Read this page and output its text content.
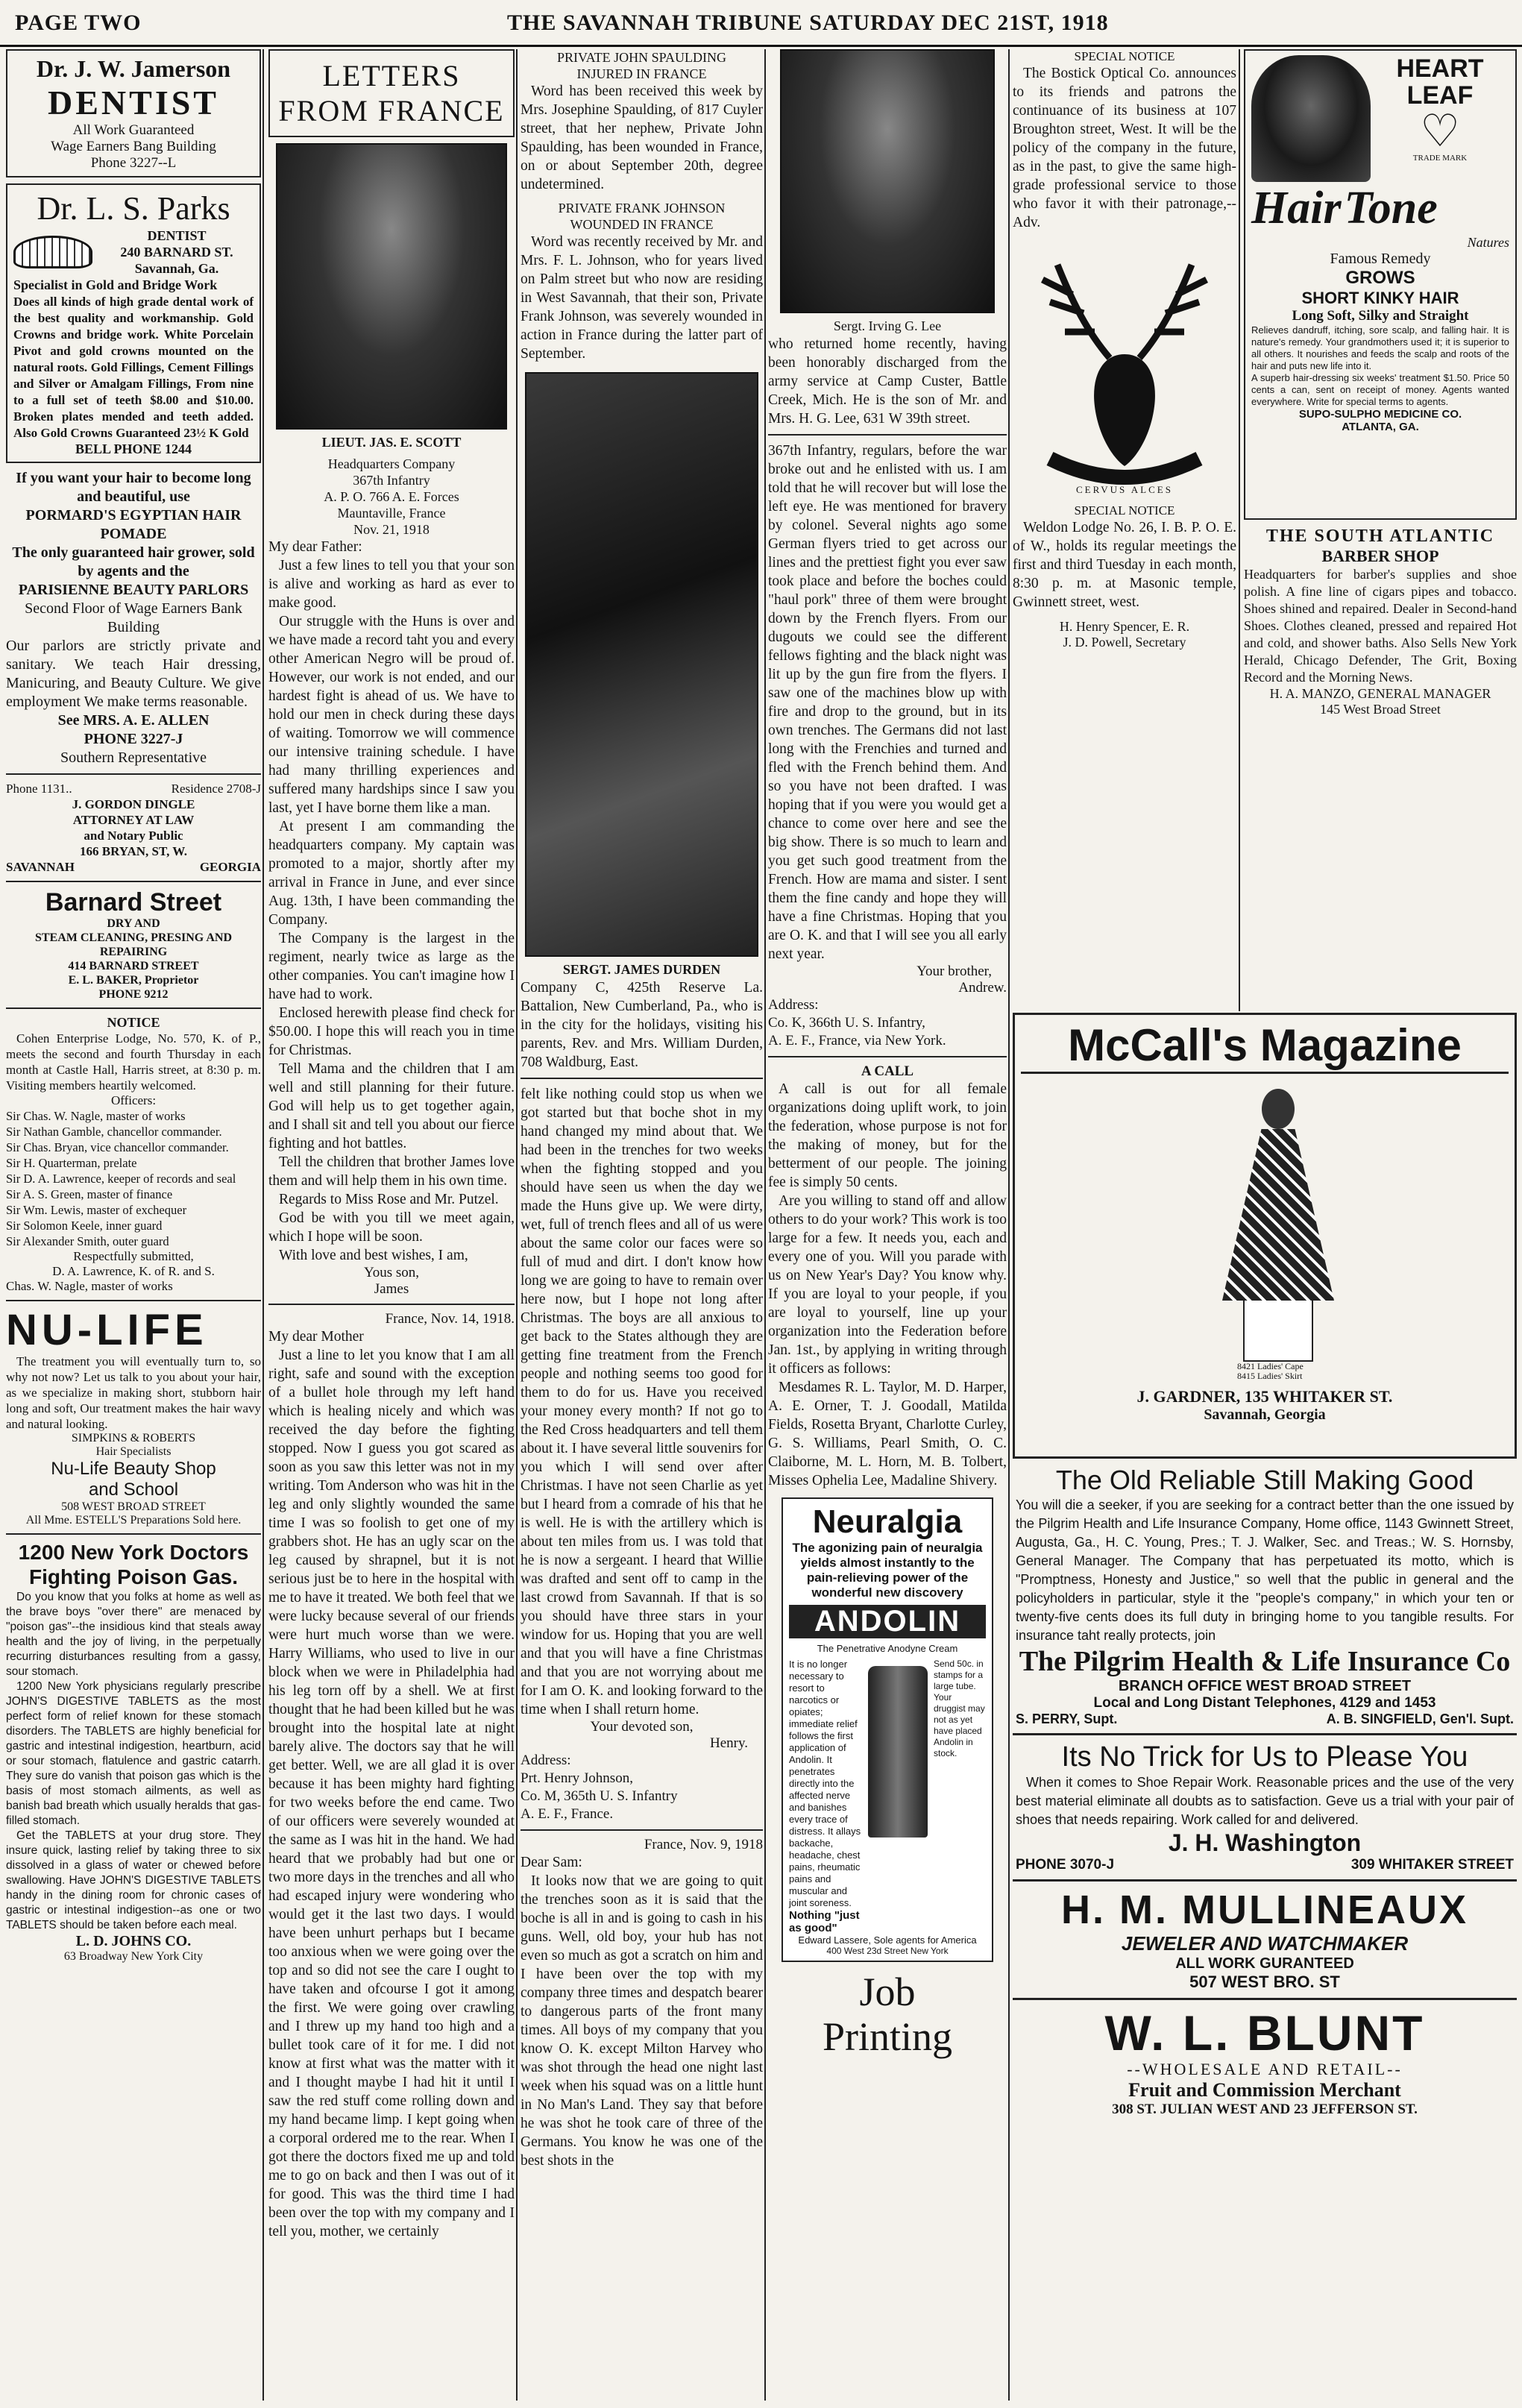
PAGE TWO	THE SAVANNAH TRIBUNE SATURDAY DEC 21ST, 1918
Dr. J. W. Jamerson
DENTIST
All Work Guaranteed
Wage Earners Bang Building
Phone 3227--L
Dr. L. S. Parks
DENTIST
240 BARNARD ST.
Savannah, Ga.

Specialist in Gold and Bridge Work

Does all kinds of high grade dental work of the best quality and workmanship. Gold Crowns and bridge work. White Porcelain Pivot and gold crowns mounted on the natural roots. Gold Fillings, Cement Fillings and Silver or Amalgam Fillings, From nine to a full set of teeth $8.00 and $10.00. Broken plates mended and teeth added. Also Gold Crowns Guaranteed 23½ K Gold

BELL PHONE 1244
If you want your hair to become long and beautiful, use
PORMARD'S EGYPTIAN HAIR POMADE
The only guaranteed hair grower, sold by agents and the
PARISIENNE BEAUTY PARLORS
Second Floor of Wage Earners Bank Building

Our parlors are strictly private and sanitary. We teach Hair dressing, Manicuring, and Beauty Culture. We give employment We make terms reasonable.

See MRS. A. E. ALLEN
PHONE 3227-J
Southern Representative
Phone 1131..	Residence 2708-J
J. GORDON DINGLE
ATTORNEY AT LAW
and Notary Public
166 BRYAN, ST, W.
SAVANNAH	GEORGIA
Barnard Street
DRY AND
STEAM CLEANING, PRESING AND REPAIRING
414 BARNARD STREET
E. L. BAKER, Proprietor
PHONE 9212
NOTICE

Cohen Enterprise Lodge, No. 570, K. of P., meets the second and fourth Thursday in each month at Castle Hall, Harris street, at 8:30 p. m. Visiting members heartily welcomed.

Officers:
Sir Chas. W. Nagle, master of works
Sir Nathan Gamble, chancellor commander.
Sir Chas. Bryan, vice chancellor commander.
Sir H. Quarterman, prelate
Sir D. A. Lawrence, keeper of records and seal
Sir A. S. Green, master of finance
Sir Wm. Lewis, master of exchequer
Sir Solomon Keele, inner guard
Sir Alexander Smith, outer guard
Respectfully submitted,
D. A. Lawrence, K. of R. and S.
Chas. W. Nagle, master of works
NU-LIFE

The treatment you will eventually turn to, so why not now? Let us talk to you about your hair, as we specialize in making short, stubborn hair long and soft, Our treatment makes the hair wavy and natural looking.

SIMPKINS & ROBERTS
Hair Specialists
Nu-Life Beauty Shop
and School
508 WEST BROAD STREET
All Mme. ESTELL'S Preparations Sold here.
1200 New York Doctors
Fighting Poison Gas.

Do you know that you folks at home as well as the brave boys "over there" are menaced by "poison gas"--the insidious kind that steals away health and the joy of living, in the perpetually recurring disturbances resulting from a gassy, sour stomach.

1200 New York physicians regularly prescribe JOHN'S DIGESTIVE TABLETS as the most perfect form of relief known for these stomach disorders. The TABLETS are highly beneficial for gastric and intestinal indigestion, heartburn, acid or sour stomach, flatulence and gastric catarrh. They sure do vanish that poison gas which is the basis of most stomach ailments, as well as banish bad breath which usually heralds that gas-filled stomach.

Get the TABLETS at your drug store. They insure quick, lasting relief by taking three to six dissolved in a glass of water or chewed before swallowing. Have JOHN'S DIGESTIVE TABLETS handy in the dining room for chronic cases of gastric or intestinal indigestion--as one or two TABLETS should be taken before each meal.

L. D. JOHNS CO.
63 Broadway New York City
LETTERS FROM FRANCE
LIEUT. JAS. E. SCOTT
Headquarters Company
367th Infantry
A. P. O. 766 A. E. Forces
Mauntaville, France
Nov. 21, 1918

My dear Father:

Just a few lines to tell you that your son is alive and working as hard as ever to make good.

Our struggle with the Huns is over and we have made a record taht you and every other American Negro will be proud of. However, our work is not ended, and our hardest fight is ahead of us. We have to hold our men in check during these days of waiting. Tomorrow we will commence our intensive training schedule. I have had many thrilling experiences and suffered many hardships since I saw you last, yet I have borne them like a man.

At present I am commanding the headquarters company. My captain was promoted to a major, shortly after my arrival in France in June, and ever since Aug. 13th, I have been commanding the Company.

The Company is the largest in the regiment, nearly twice as large as the other companies. You can't imagine how I have had to work.

Enclosed herewith please find check for $50.00. I hope this will reach you in time for Christmas.

Tell Mama and the children that I am well and still planning for their future. God will help us to get together again, and I shall sit and tell you about our fierce fighting and hot battles.

Tell the children that brother James love them and will help them in his own time.

Regards to Miss Rose and Mr. Putzel.

God be with you till we meet again, which I hope will be soon.

With love and best wishes, I am,

Yous son,
James
France, Nov. 14, 1918.

My dear Mother

Just a line to let you know that I am all right, safe and sound with the exception of a bullet hole through my left hand which is healing nicely and which was received the day before the fighting stopped. Now I guess you got scared as soon as you saw this letter was not in my writing. Tom Anderson who was hit in the leg and only slightly wounded the same time I was so foolish to get one of my grabbers shot. He has an ugly scar on the leg caused by shrapnel, but it is not serious just be to here in the hospital with me to have it treated. We both feel that we were lucky because several of our friends were hurt much worse than we were. Harry Williams, who used to live in our block when we were in Philadelphia had his leg torn off by a shell. We at first thought that he had been killed but he was brought into the hospital late at night barely alive. The doctors say that he will get better. Well, we are all glad it is over because it has been mighty hard fighting for two weeks before the end came. Two of our officers were severely wounded at the same as I was hit in the hand. We had heard that we probably had but one or two more days in the trenches and all who had escaped injury were wondering who would get it the last two days. I would have been unhurt perhaps but I became too anxious when we were going over the top and so did not see the care I ought to have taken and ofcourse I got it among the first. We were going over crawling and I threw up my hand too high and a bullet took care of it for me. I did not know at first what was the matter with it and I thought maybe I had hit it until I saw the red stuff come rolling down and my hand became limp. I kept going when a corporal ordered me to the rear. When I got there the doctors fixed me up and told me to go on back and then I was out of it for good. This was the third time I had been over the top with my company and I tell you, mother, we certainly

PRIVATE JOHN SPAULDING
INJURED IN FRANCE

Word has been received this week by Mrs. Josephine Spaulding, of 817 Cuyler street, that her nephew, Private John Spaulding, has been wounded in France, on or about September 20th, degree undetermined.

PRIVATE FRANK JOHNSON
WOUNDED IN FRANCE

Word was recently received by Mr. and Mrs. F. L. Johnson, who for years lived on Palm street but who now are residing in West Savannah, that their son, Private Frank Johnson, was severely wounded in action in France during the latter part of September.

SERGT. JAMES DURDEN

Company C, 425th Reserve La. Battalion, New Cumberland, Pa., who is in the city for the holidays, visiting his parents, Rev. and Mrs. William Durden, 708 Waldburg, East.

felt like nothing could stop us when we got started but that boche shot in my hand changed my mind about that. We had been in the trenches for two weeks when the fighting stopped and you should have seen us when the day we made the Huns give up. We were dirty, wet, full of trench flees and all of us were about the same color our faces were so full of mud and dirt. I don't know how long we are going to have to remain over here now, but I hope not long after Christmas. The boys are all anxious to get back to the States although they are getting fine treatment from the French people and nothing seems too good for them to do for us. Have you received your money every month? If not go to the Red Cross headquarters and tell them about it. I have several little souvenirs for you which I will send over after Christmas. I have not seen Charlie as yet but I heard from a comrade of his that he is well. He is with the artillery which is about ten miles from us. I was told that he is now a sergeant. I heard that Willie was drafted and sent off to camp in the last crowd from Savannah. If that is so you should have three stars in your window for us. Hoping that you are well and that you will have a fine Christmas and that you are not worrying about me for I am O. K. and looking forward to the time when I shall return home.

Your devoted son,
Henry.
Address:
Prt. Henry Johnson,
Co. M, 365th U. S. Infantry
A. E. F., France.
France, Nov. 9, 1918

Dear Sam:

It looks now that we are going to quit the trenches soon as it is said that the boche is all in and is going to cash in his guns. Well, old boy, your hub has not even so much as got a scratch on him and I have been over the top with my company three times and despatch bearer to dangerous parts of the front many times. All boys of my company that you know O. K. except Milton Harvey who was shot through the head one night last week when his squad was on a little hunt in No Man's Land. They say that before he was shot he took care of three of the Germans. You know he was one of the best shots in the

Sergt. Irving G. Lee

who returned home recently, having been honorably discharged from the army service at Camp Custer, Battle Creek, Mich. He is the son of Mr. and Mrs. H. G. Lee, 631 W 39th street.

367th Infantry, regulars, before the war broke out and he enlisted with us. I am told that he will recover but will lose the left eye. He was mentioned for bravery by colonel. Several nights ago some German flyers tried to get across our lines and the prettiest fight you ever saw took place and before the boches could "haul pork" three of them were brought down by the French flyers. From our dugouts we could see the different fellows fighting and the black night was lit up by the gun fire from the flyers. I saw one of the machines blow up with fire and drop to the ground, but in its own trenches. The Germans did not last long with the Frenchies and turned and fled with the French behind them. And so you have not been drafted. I was hoping that if you were you would get a chance to come over here and see the big show. There is so much to learn and you get such good treatment from the French. How are mama and sister. I sent them the fine candy and hope they will have a fine Christmas. Hoping that you are O. K. and that I will see you all early next year.

Your brother,
Andrew.
Address:
Co. K, 366th U. S. Infantry,
A. E. F., France, via New York.
A CALL

A call is out for all female organizations doing uplift work, to join the federation, whose purpose is not for the making of money, but for the betterment of our people. The joining fee is simply 50 cents.

Are you willing to stand off and allow others to do your work? This work is too large for a few. It needs you, each and every one of you. Will you parade with us on New Year's Day? You know why. If you are loyal to your people, if you are loyal to yourself, line up your organization into the Federation before Jan. 1st., by applying in writing through it officers as follows:

Mesdames R. L. Taylor, M. D. Harper, A. E. Orner, T. J. Goodall, Matilda Fields, Rosetta Bryant, Charlotte Curley, G. S. Williams, Pearl Smith, O. C. Claiborne, M. L. Horn, M. B. Tolbert, Misses Ophelia Lee, Madaline Shivery.

Neuralgia
The agonizing pain of neuralgia yields almost instantly to the pain-relieving power of the wonderful new discovery
ANDOLIN
The Penetrative Anodyne Cream

It is no longer necessary to resort to narcotics or opiates; immediate relief follows the first application of Andolin. It penetrates directly into the affected nerve and banishes every trace of distress. It allays backache, headache, chest pains, rheumatic pains and muscular and joint soreness.

Nothing "just as good"

Send 50c. in stamps for a large tube. Your druggist may not as yet have placed Andolin in stock.

Edward Lassere, Sole agents for America
400 West 23d Street New York
Job
Printing
SPECIAL NOTICE

The Bostick Optical Co. announces to its friends and patrons the continuance of its business at 107 Broughton street, West. It will be the policy of the company in the future, as in the past, to give the same high-grade professional service to those who favor it with their patronage,--Adv.

CERVUS ALCES
SPECIAL NOTICE

Weldon Lodge No. 26, I. B. P. O. E. of W., holds its regular meetings the first and third Tuesday in each month, 8:30 p. m. at Masonic temple, Gwinnett street, west.

H. Henry Spencer, E. R.
J. D. Powell, Secretary
HEART
LEAF
♡
TRADE MARK
Hair Tone
Natures
Famous Remedy
GROWS
SHORT KINKY HAIR
Long Soft, Silky and Straight

Relieves dandruff, itching, sore scalp, and falling hair. It is nature's remedy. Your grandmothers used it; it is superior to all others. It nourishes and feeds the scalp and roots of the hair and puts new life into it.

A superb hair-dressing six weeks' treatment $1.50. Price 50 cents a can, sent on receipt of money. Agents wanted everywhere. Write for special terms to agents.

SUPO-SULPHO MEDICINE CO.
ATLANTA, GA.
THE SOUTH ATLANTIC
BARBER SHOP

Headquarters for barber's supplies and shoe polish. A fine line of cigars pipes and tobacco. Shoes shined and repaired. Dealer in Second-hand Shoes. Clothes cleaned, pressed and repaired Hot and cold, and shower baths. Also Sells New York Herald, Chicago Defender, The Grit, Boxing Record and the Morning News.

H. A. MANZO, GENERAL MANAGER
145 West Broad Street
McCall's Magazine
8421 Ladies' Cape
8415 Ladies' Skirt
J. GARDNER, 135 WHITAKER ST.
Savannah, Georgia
The Old Reliable Still Making Good

You will die a seeker, if you are seeking for a contract better than the one issued by the Pilgrim Health and Life Insurance Company, Home office, 1143 Gwinnett Street, Augusta, Ga., H. C. Young, Pres.; T. J. Walker, Sec. and Treas.; W. S. Hornsby, General Manager. The Company that has perpetuated its motto, which is "Promptness, Honesty and Justice," so well that the public in general and the policyholders in particular, style it the "people's company," in which your ten or twenty-five cents does its full duty in bringing home to you tangible results. For insurance taht really protects, join

The Pilgrim Health & Life Insurance Co
BRANCH OFFICE WEST BROAD STREET
Local and Long Distant Telephones, 4129 and 1453
S. PERRY, Supt.	A. B. SINGFIELD, Gen'l. Supt.
Its No Trick for Us to Please You

When it comes to Shoe Repair Work. Reasonable prices and the use of the very best material eliminate all doubts as to satisfaction. Geve us a trial with your pair of shoes that needs repairing. Work called for and delivered.

J. H. Washington
PHONE 3070-J	309 WHITAKER STREET
H. M. MULLINEAUX
JEWELER AND WATCHMAKER
ALL WORK GURANTEED
507 WEST BRO. ST
W. L. BLUNT
--WHOLESALE AND RETAIL--
Fruit and Commission Merchant
308 ST. JULIAN WEST AND 23 JEFFERSON ST.
